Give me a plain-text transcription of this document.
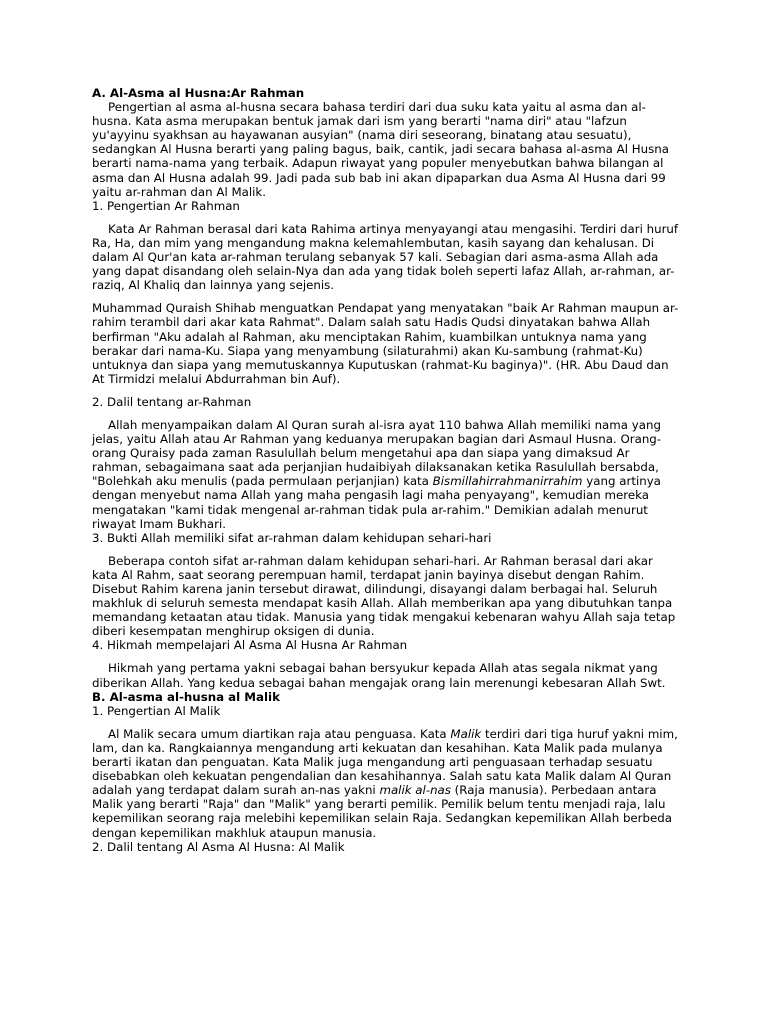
A. Al-Asma al Husna:Ar Rahman

Pengertian al asma al-husna secara bahasa terdiri dari dua suku kata yaitu al asma dan al-husna. Kata asma merupakan bentuk jamak dari ism yang berarti "nama diri" atau "lafzun yu'ayyinu syakhsan au hayawanan ausyian" (nama diri seseorang, binatang atau sesuatu), sedangkan Al Husna berarti yang paling bagus, baik, cantik, jadi secara bahasa al-asma Al Husna berarti nama-nama yang terbaik. Adapun riwayat yang populer menyebutkan bahwa bilangan al asma dan Al Husna adalah 99. Jadi pada sub bab ini akan dipaparkan dua Asma Al Husna dari 99 yaitu ar-rahman dan Al Malik.

1. Pengertian Ar Rahman

Kata Ar Rahman berasal dari kata Rahima artinya menyayangi atau mengasihi. Terdiri dari huruf Ra, Ha, dan mim yang mengandung makna kelemahlembutan, kasih sayang dan kehalusan. Di dalam Al Qur'an kata ar-rahman terulang sebanyak 57 kali. Sebagian dari asma-asma Allah ada yang dapat disandang oleh selain-Nya dan ada yang tidak boleh seperti lafaz Allah, ar-rahman, ar-raziq, Al Khaliq dan lainnya yang sejenis.

Muhammad Quraish Shihab menguatkan Pendapat yang menyatakan "baik Ar Rahman maupun ar-rahim terambil dari akar kata Rahmat". Dalam salah satu Hadis Qudsi dinyatakan bahwa Allah berfirman "Aku adalah al Rahman, aku menciptakan Rahim, kuambilkan untuknya nama yang berakar dari nama-Ku. Siapa yang menyambung (silaturahmi) akan Ku-sambung (rahmat-Ku) untuknya dan siapa yang memutuskannya Kuputuskan (rahmat-Ku baginya)". (HR. Abu Daud dan At Tirmidzi melalui Abdurrahman bin Auf).

2. Dalil tentang ar-Rahman

Allah menyampaikan dalam Al Quran surah al-isra ayat 110 bahwa Allah memiliki nama yang jelas, yaitu Allah atau Ar Rahman yang keduanya merupakan bagian dari Asmaul Husna. Orang-orang Quraisy pada zaman Rasulullah belum mengetahui apa dan siapa yang dimaksud Ar rahman, sebagaimana saat ada perjanjian hudaibiyah dilaksanakan ketika Rasulullah bersabda, "Bolehkah aku menulis (pada permulaan perjanjian) kata Bismillahirrahmanirrahim yang artinya dengan menyebut nama Allah yang maha pengasih lagi maha penyayang", kemudian mereka mengatakan "kami tidak mengenal ar-rahman tidak pula ar-rahim." Demikian adalah menurut riwayat Imam Bukhari.

3. Bukti Allah memiliki sifat ar-rahman dalam kehidupan sehari-hari

Beberapa contoh sifat ar-rahman dalam kehidupan sehari-hari. Ar Rahman berasal dari akar kata Al Rahm, saat seorang perempuan hamil, terdapat janin bayinya disebut dengan Rahim. Disebut Rahim karena janin tersebut dirawat, dilindungi, disayangi dalam berbagai hal. Seluruh makhluk di seluruh semesta mendapat kasih Allah. Allah memberikan apa yang dibutuhkan tanpa memandang ketaatan atau tidak. Manusia yang tidak mengakui kebenaran wahyu Allah saja tetap diberi kesempatan menghirup oksigen di dunia.

4. Hikmah mempelajari Al Asma Al Husna Ar Rahman

Hikmah yang pertama yakni sebagai bahan bersyukur kepada Allah atas segala nikmat yang diberikan Allah. Yang kedua sebagai bahan mengajak orang lain merenungi kebesaran Allah Swt.

B. Al-asma al-husna al Malik

1. Pengertian Al Malik

Al Malik secara umum diartikan raja atau penguasa. Kata Malik terdiri dari tiga huruf yakni mim, lam, dan ka. Rangkaiannya mengandung arti kekuatan dan kesahihan. Kata Malik pada mulanya berarti ikatan dan penguatan. Kata Malik juga mengandung arti penguasaan terhadap sesuatu disebabkan oleh kekuatan pengendalian dan kesahihannya. Salah satu kata Malik dalam Al Quran adalah yang terdapat dalam surah an-nas yakni malik al-nas (Raja manusia). Perbedaan antara Malik yang berarti "Raja" dan "Malik" yang berarti pemilik. Pemilik belum tentu menjadi raja, lalu kepemilikan seorang raja melebihi kepemilikan selain Raja. Sedangkan kepemilikan Allah berbeda dengan kepemilikan makhluk ataupun manusia.

2. Dalil tentang Al Asma Al Husna: Al Malik
